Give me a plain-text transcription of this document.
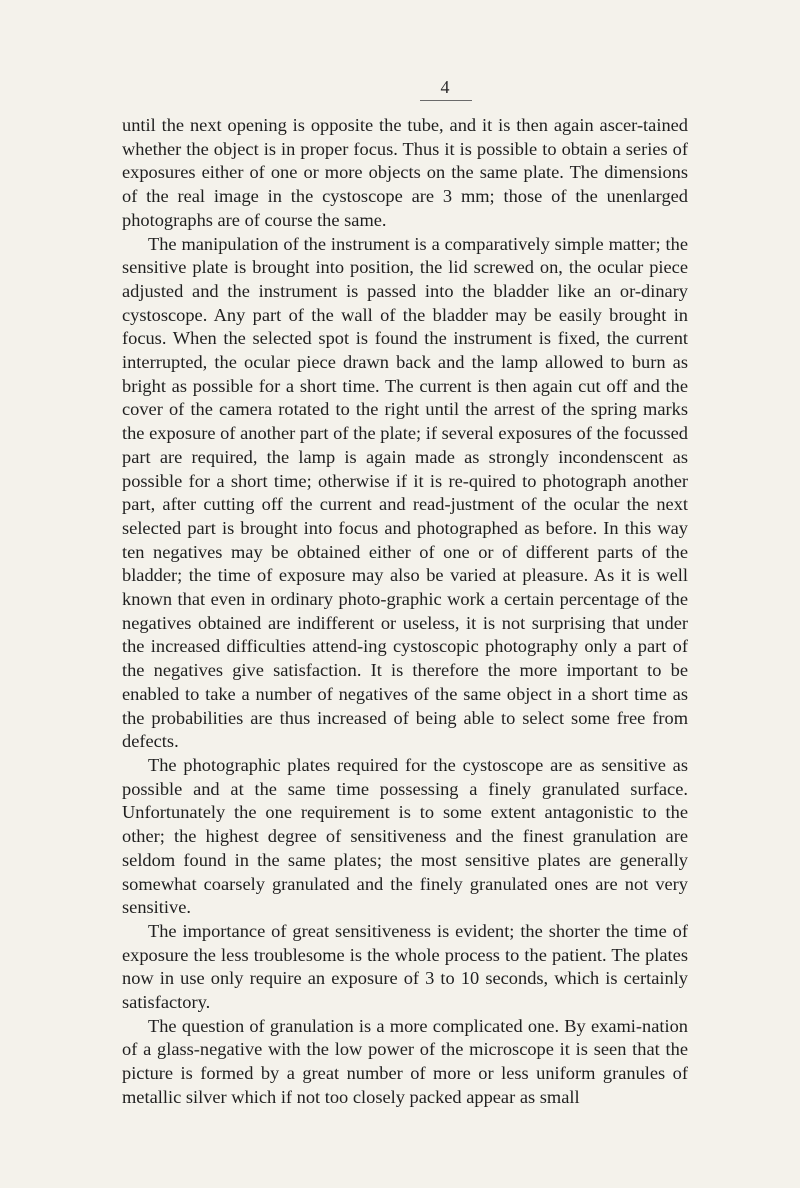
4

until the next opening is opposite the tube, and it is then again ascer-tained whether the object is in proper focus. Thus it is possible to obtain a series of exposures either of one or more objects on the same plate. The dimensions of the real image in the cystoscope are 3 mm; those of the unenlarged photographs are of course the same.

The manipulation of the instrument is a comparatively simple matter; the sensitive plate is brought into position, the lid screwed on, the ocular piece adjusted and the instrument is passed into the bladder like an or-dinary cystoscope. Any part of the wall of the bladder may be easily brought in focus. When the selected spot is found the instrument is fixed, the current interrupted, the ocular piece drawn back and the lamp allowed to burn as bright as possible for a short time. The current is then again cut off and the cover of the camera rotated to the right until the arrest of the spring marks the exposure of another part of the plate; if several exposures of the focussed part are required, the lamp is again made as strongly incondenscent as possible for a short time; otherwise if it is re-quired to photograph another part, after cutting off the current and read-justment of the ocular the next selected part is brought into focus and photographed as before. In this way ten negatives may be obtained either of one or of different parts of the bladder; the time of exposure may also be varied at pleasure. As it is well known that even in ordinary photo-graphic work a certain percentage of the negatives obtained are indifferent or useless, it is not surprising that under the increased difficulties attend-ing cystoscopic photography only a part of the negatives give satisfaction. It is therefore the more important to be enabled to take a number of negatives of the same object in a short time as the probabilities are thus increased of being able to select some free from defects.

The photographic plates required for the cystoscope are as sensitive as possible and at the same time possessing a finely granulated surface. Unfortunately the one requirement is to some extent antagonistic to the other; the highest degree of sensitiveness and the finest granulation are seldom found in the same plates; the most sensitive plates are generally somewhat coarsely granulated and the finely granulated ones are not very sensitive.

The importance of great sensitiveness is evident; the shorter the time of exposure the less troublesome is the whole process to the patient. The plates now in use only require an exposure of 3 to 10 seconds, which is certainly satisfactory.

The question of granulation is a more complicated one. By exami-nation of a glass-negative with the low power of the microscope it is seen that the picture is formed by a great number of more or less uniform granules of metallic silver which if not too closely packed appear as small
